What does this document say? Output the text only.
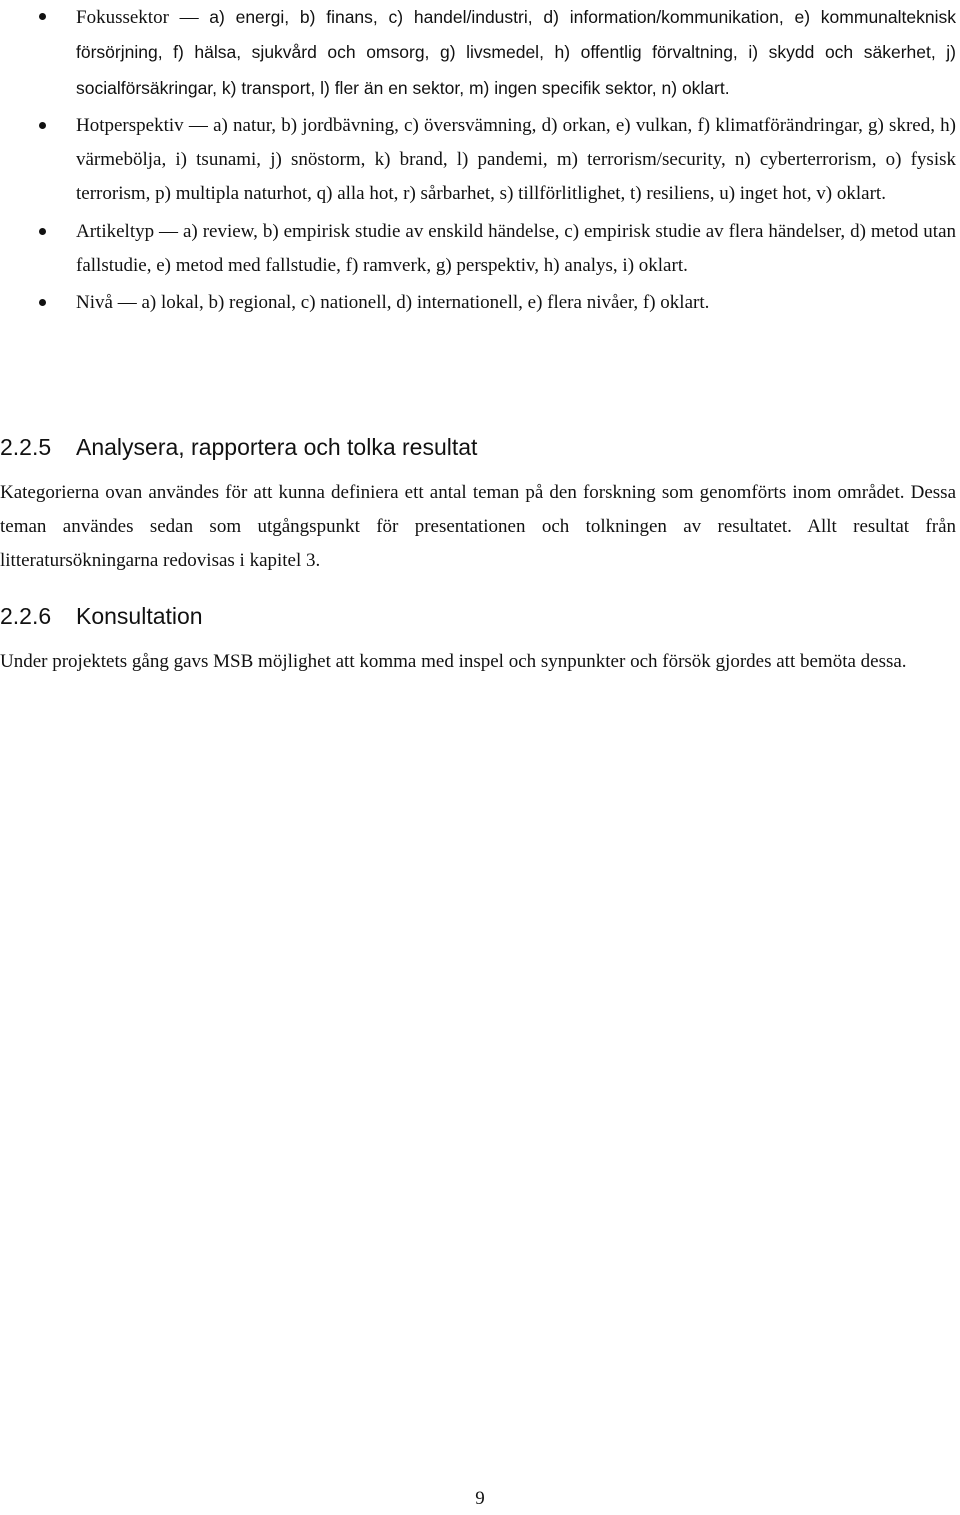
Fokussektor — a) energi, b) finans, c) handel/industri, d) information/kommunikation, e) kommunalteknisk försörjning, f) hälsa, sjukvård och omsorg, g) livsmedel, h) offentlig förvaltning, i) skydd och säkerhet, j) socialförsäkringar, k) transport, l) fler än en sektor, m) ingen specifik sektor, n) oklart.
Hotperspektiv — a) natur, b) jordbävning, c) översvämning, d) orkan, e) vulkan, f) klimatförändringar, g) skred, h) värmebölja, i) tsunami, j) snöstorm, k) brand, l) pandemi, m) terrorism/security, n) cyberterrorism, o) fysisk terrorism, p) multipla naturhot, q) alla hot, r) sårbarhet, s) tillförlitlighet, t) resiliens, u) inget hot, v) oklart.
Artikeltyp — a) review, b) empirisk studie av enskild händelse, c) empirisk studie av flera händelser, d) metod utan fallstudie, e) metod med fallstudie, f) ramverk, g) perspektiv, h) analys, i) oklart.
Nivå — a) lokal, b) regional, c) nationell, d) internationell, e) flera nivåer, f) oklart.
2.2.5 Analysera, rapportera och tolka resultat

Kategorierna ovan användes för att kunna definiera ett antal teman på den forskning som genomförts inom området. Dessa teman användes sedan som utgångspunkt för presentationen och tolkningen av resultatet. Allt resultat från litteratursökningarna redovisas i kapitel 3.

2.2.6 Konsultation

Under projektets gång gavs MSB möjlighet att komma med inspel och synpunkter och försök gjordes att bemöta dessa.

9
